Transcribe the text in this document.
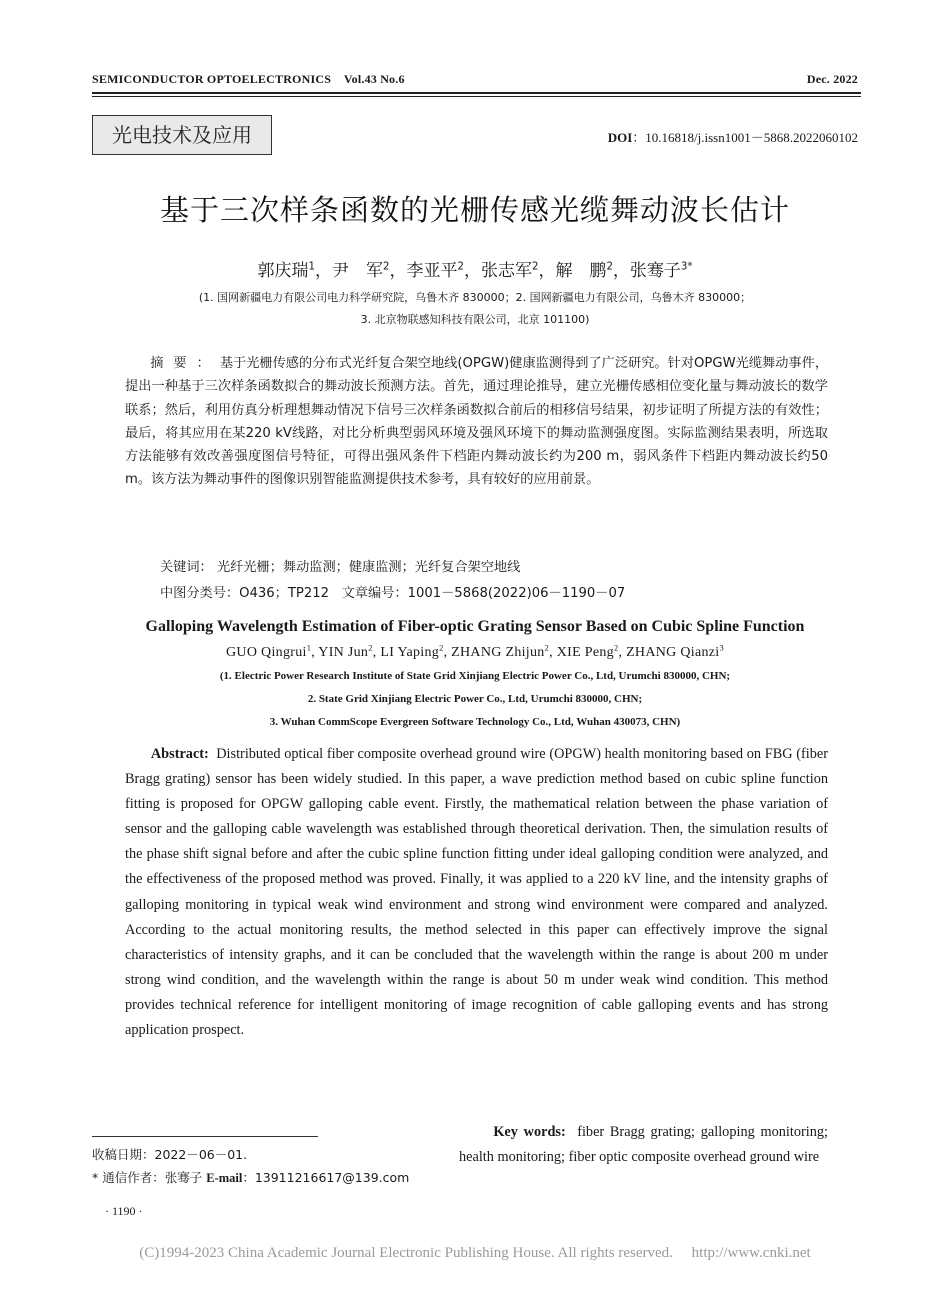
SEMICONDUCTOR OPTOELECTRONICS Vol.43 No.6	Dec. 2022
光电技术及应用	DOI：10.16818/j.issn1001－5868.2022060102
基于三次样条函数的光栅传感光缆舞动波长估计
郭庆瑞$^1$，尹　军$^2$，李亚平$^2$，张志军$^2$，解　鹏$^2$，张骞子$^{3*}$
(1. 国网新疆电力有限公司电力科学研究院，乌鲁木齐 830000；2. 国网新疆电力有限公司，乌鲁木齐 830000；
3. 北京物联感知科技有限公司，北京 101100)
摘要：基于光栅传感的分布式光纤复合架空地线(OPGW)健康监测得到了广泛研究。针对OPGW光缆舞动事件，提出一种基于三次样条函数拟合的舞动波长预测方法。首先，通过理论推导，建立光栅传感相位变化量与舞动波长的数学联系；然后，利用仿真分析理想舞动情况下信号三次样条函数拟合前后的相移信号结果，初步证明了所提方法的有效性；最后，将其应用在某220 kV线路，对比分析典型弱风环境及强风环境下的舞动监测强度图。实际监测结果表明，所选取方法能够有效改善强度图信号特征，可得出强风条件下档距内舞动波长约为200 m，弱风条件下档距内舞动波长约50 m。该方法为舞动事件的图像识别智能监测提供技术参考，具有较好的应用前景。
关键词： 光纤光栅；舞动监测；健康监测；光纤复合架空地线
中图分类号：O436；TP212 文章编号：1001－5868(2022)06－1190－07
Galloping Wavelength Estimation of Fiber-optic Grating Sensor Based on Cubic Spline Function
GUO Qingrui$^1$, YIN Jun$^2$, LI Yaping$^2$, ZHANG Zhijun$^2$, XIE Peng$^2$, ZHANG Qianzi$^3$
(1. Electric Power Research Institute of State Grid Xinjiang Electric Power Co., Ltd, Urumchi 830000, CHN;
2. State Grid Xinjiang Electric Power Co., Ltd, Urumchi 830000, CHN;
3. Wuhan CommScope Evergreen Software Technology Co., Ltd, Wuhan 430073, CHN)
Abstract: Distributed optical fiber composite overhead ground wire (OPGW) health monitoring based on FBG (fiber Bragg grating) sensor has been widely studied. In this paper, a wave prediction method based on cubic spline function fitting is proposed for OPGW galloping cable event. Firstly, the mathematical relation between the phase variation of sensor and the galloping cable wavelength was established through theoretical derivation. Then, the simulation results of the phase shift signal before and after the cubic spline function fitting under ideal galloping condition were analyzed, and the effectiveness of the proposed method was proved. Finally, it was applied to a 220 kV line, and the intensity graphs of galloping monitoring in typical weak wind environment and strong wind environment were compared and analyzed. According to the actual monitoring results, the method selected in this paper can effectively improve the signal characteristics of intensity graphs, and it can be concluded that the wavelength within the range is about 200 m under strong wind condition, and the wavelength within the range is about 50 m under weak wind condition. This method provides technical reference for intelligent monitoring of image recognition of cable galloping events and has strong application prospect.
Key words: fiber Bragg grating; galloping monitoring; health monitoring; fiber optic composite overhead ground wire
收稿日期：2022－06－01.
* 通信作者：张骞子 E-mail：13911216617@139.com
· 1190 ·
(C)1994-2023 China Academic Journal Electronic Publishing House. All rights reserved.　 http://www.cnki.net
